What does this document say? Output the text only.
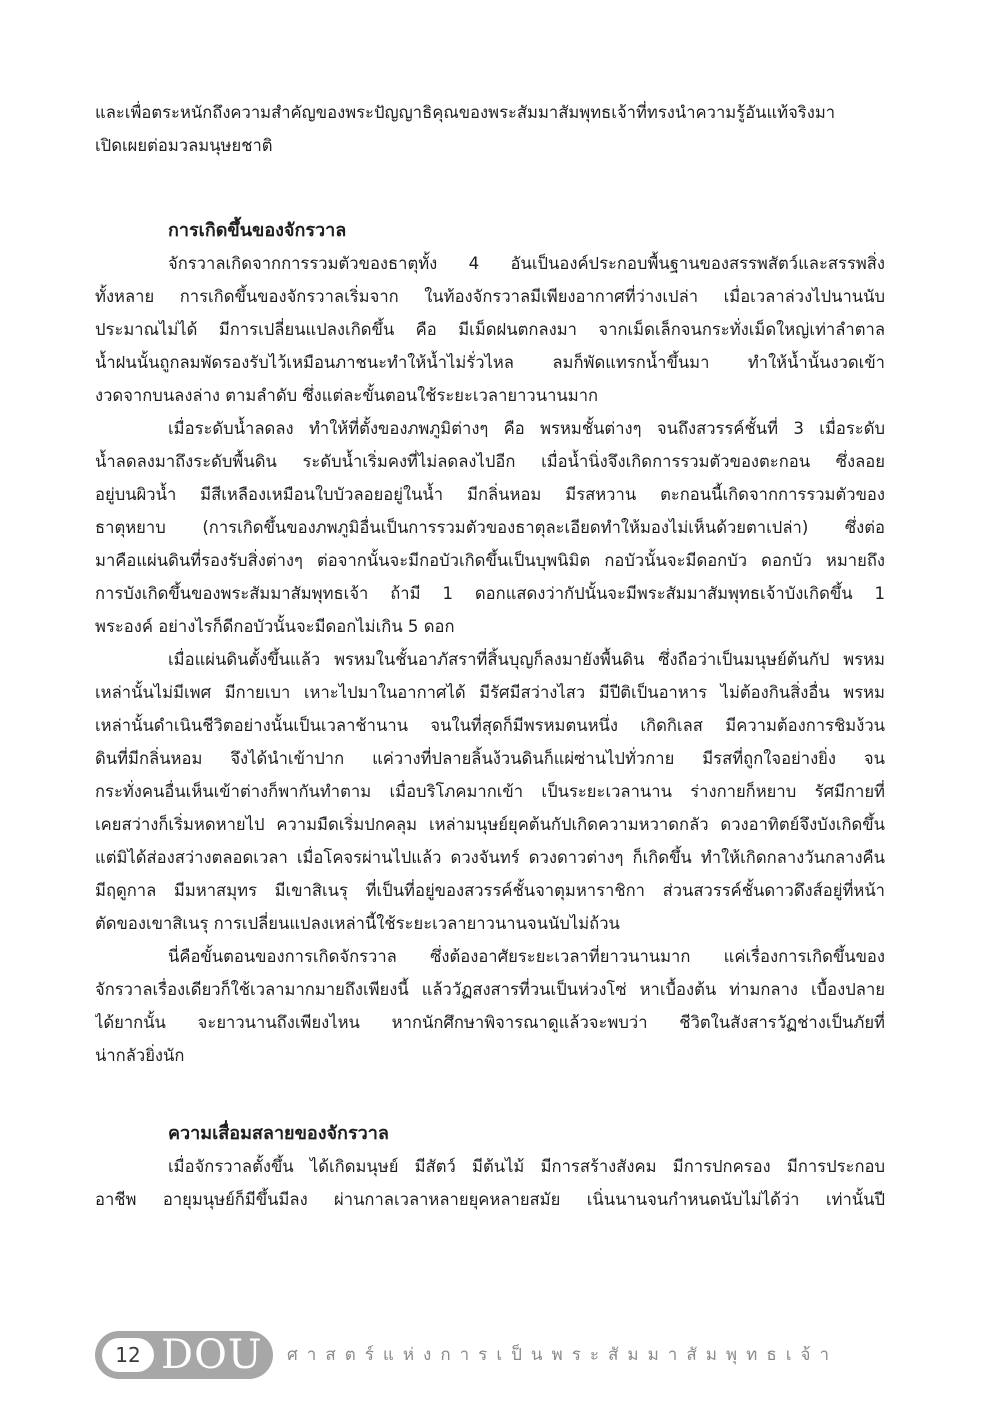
และเพื่อตระหนักถึงความสำคัญของพระปัญญาธิคุณของพระสัมมาสัมพุทธเจ้าที่ทรงนำความรู้อันแท้จริงมา
เปิดเผยต่อมวลมนุษยชาติ
การเกิดขึ้นของจักรวาล
จักรวาลเกิดจากการรวมตัวของธาตุทั้ง 4 อันเป็นองค์ประกอบพื้นฐานของสรรพสัตว์และสรรพสิ่ง
ทั้งหลาย การเกิดขึ้นของจักรวาลเริ่มจาก ในท้องจักรวาลมีเพียงอากาศที่ว่างเปล่า เมื่อเวลาล่วงไปนานนับ
ประมาณไม่ได้ มีการเปลี่ยนแปลงเกิดขึ้น คือ มีเม็ดฝนตกลงมา จากเม็ดเล็กจนกระทั่งเม็ดใหญ่เท่าลำตาล
น้ำฝนนั้นถูกลมพัดรองรับไว้เหมือนภาชนะทำให้น้ำไม่รั่วไหล ลมก็พัดแทรกน้ำขึ้นมา ทำให้น้ำนั้นงวดเข้า
งวดจากบนลงล่าง ตามลำดับ ซึ่งแต่ละขั้นตอนใช้ระยะเวลายาวนานมาก
เมื่อระดับน้ำลดลง ทำให้ที่ตั้งของภพภูมิต่างๆ คือ พรหมชั้นต่างๆ จนถึงสวรรค์ชั้นที่ 3 เมื่อระดับ
น้ำลดลงมาถึงระดับพื้นดิน ระดับน้ำเริ่มคงที่ไม่ลดลงไปอีก เมื่อน้ำนิ่งจึงเกิดการรวมตัวของตะกอน ซึ่งลอย
อยู่บนผิวน้ำ มีสีเหลืองเหมือนใบบัวลอยอยู่ในน้ำ มีกลิ่นหอม มีรสหวาน ตะกอนนี้เกิดจากการรวมตัวของ
ธาตุหยาบ (การเกิดขึ้นของภพภูมิอื่นเป็นการรวมตัวของธาตุละเอียดทำให้มองไม่เห็นด้วยตาเปล่า) ซึ่งต่อ
มาคือแผ่นดินที่รองรับสิ่งต่างๆ ต่อจากนั้นจะมีกอบัวเกิดขึ้นเป็นบุพนิมิต กอบัวนั้นจะมีดอกบัว ดอกบัว หมายถึง
การบังเกิดขึ้นของพระสัมมาสัมพุทธเจ้า ถ้ามี 1 ดอกแสดงว่ากัปนั้นจะมีพระสัมมาสัมพุทธเจ้าบังเกิดขึ้น 1
พระองค์ อย่างไรก็ดีกอบัวนั้นจะมีดอกไม่เกิน 5 ดอก
เมื่อแผ่นดินตั้งขึ้นแล้ว พรหมในชั้นอาภัสราที่สิ้นบุญก็ลงมายังพื้นดิน ซึ่งถือว่าเป็นมนุษย์ต้นกัป พรหม
เหล่านั้นไม่มีเพศ มีกายเบา เหาะไปมาในอากาศได้ มีรัศมีสว่างไสว มีปีติเป็นอาหาร ไม่ต้องกินสิ่งอื่น พรหม
เหล่านั้นดำเนินชีวิตอย่างนั้นเป็นเวลาช้านาน จนในที่สุดก็มีพรหมตนหนึ่ง เกิดกิเลส มีความต้องการชิมง้วน
ดินที่มีกลิ่นหอม จึงได้นำเข้าปาก แค่วางที่ปลายลิ้นง้วนดินก็แผ่ซ่านไปทั่วกาย มีรสที่ถูกใจอย่างยิ่ง จน
กระทั่งคนอื่นเห็นเข้าต่างก็พากันทำตาม เมื่อบริโภคมากเข้า เป็นระยะเวลานาน ร่างกายก็หยาบ รัศมีกายที่
เคยสว่างก็เริ่มหดหายไป ความมืดเริ่มปกคลุม เหล่ามนุษย์ยุคต้นกัปเกิดความหวาดกลัว ดวงอาทิตย์จึงบังเกิดขึ้น
แต่มิได้ส่องสว่างตลอดเวลา เมื่อโคจรผ่านไปแล้ว ดวงจันทร์ ดวงดาวต่างๆ ก็เกิดขึ้น ทำให้เกิดกลางวันกลางคืน
มีฤดูกาล มีมหาสมุทร มีเขาสิเนรุ ที่เป็นที่อยู่ของสวรรค์ชั้นจาตุมหาราชิกา ส่วนสวรรค์ชั้นดาวดึงส์อยู่ที่หน้า
ตัดของเขาสิเนรุ การเปลี่ยนแปลงเหล่านี้ใช้ระยะเวลายาวนานจนนับไม่ถ้วน
นี่คือขั้นตอนของการเกิดจักรวาล ซึ่งต้องอาศัยระยะเวลาที่ยาวนานมาก แค่เรื่องการเกิดขึ้นของ
จักรวาลเรื่องเดียวก็ใช้เวลามากมายถึงเพียงนี้ แล้ววัฏสงสารที่วนเป็นห่วงโซ่ หาเบื้องต้น ท่ามกลาง เบื้องปลาย
ได้ยากนั้น จะยาวนานถึงเพียงไหน หากนักศึกษาพิจารณาดูแล้วจะพบว่า ชีวิตในสังสารวัฏช่างเป็นภัยที่
น่ากลัวยิ่งนัก
ความเสื่อมสลายของจักรวาล
เมื่อจักรวาลตั้งขึ้น ได้เกิดมนุษย์ มีสัตว์ มีต้นไม้ มีการสร้างสังคม มีการปกครอง มีการประกอบ
อาชีพ อายุมนุษย์ก็มีขึ้นมีลง ผ่านกาลเวลาหลายยุคหลายสมัย เนิ่นนานจนกำหนดนับไม่ได้ว่า เท่านั้นปี
12 DOU ศาสตร์แห่งการเป็นพระสัมมาสัมพุทธเจ้า
